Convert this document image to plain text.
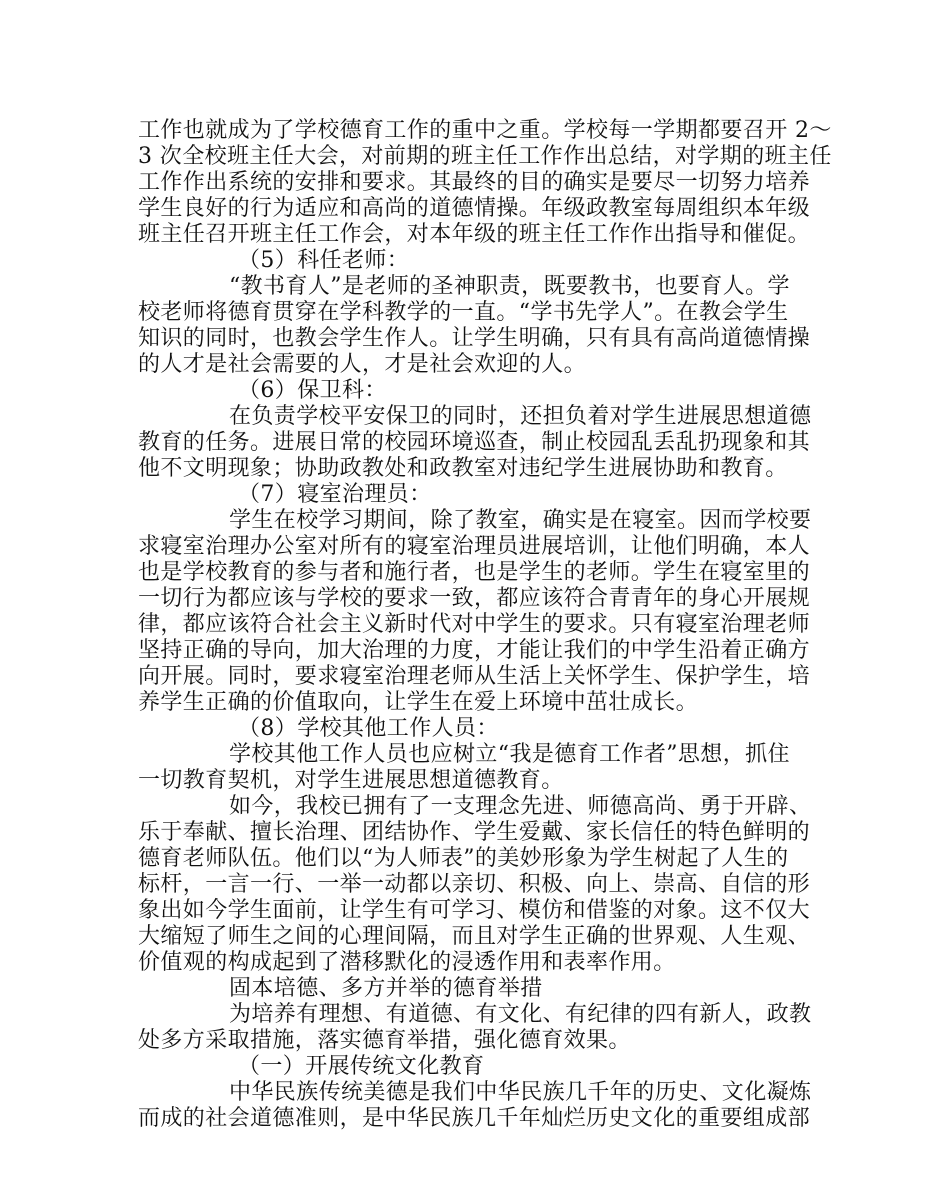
工作也就成为了学校德育工作的重中之重。学校每一学期都要召开 2～
3 次全校班主任大会，对前期的班主任工作作出总结，对学期的班主任
工作作出系统的安排和要求。其最终的目的确实是要尽一切努力培养
学生良好的行为适应和高尚的道德情操。年级政教室每周组织本年级
班主任召开班主任工作会，对本年级的班主任工作作出指导和催促。
（5）科任老师：
“教书育人”是老师的圣神职责，既要教书，也要育人。学
校老师将德育贯穿在学科教学的一直。“学书先学人”。在教会学生
知识的同时，也教会学生作人。让学生明确，只有具有高尚道德情操
的人才是社会需要的人，才是社会欢迎的人。
（6）保卫科：
在负责学校平安保卫的同时，还担负着对学生进展思想道德
教育的任务。进展日常的校园环境巡查，制止校园乱丢乱扔现象和其
他不文明现象；协助政教处和政教室对违纪学生进展协助和教育。
（7）寝室治理员：
学生在校学习期间，除了教室，确实是在寝室。因而学校要
求寝室治理办公室对所有的寝室治理员进展培训，让他们明确，本人
也是学校教育的参与者和施行者，也是学生的老师。学生在寝室里的
一切行为都应该与学校的要求一致，都应该符合青青年的身心开展规
律，都应该符合社会主义新时代对中学生的要求。只有寝室治理老师
坚持正确的导向，加大治理的力度，才能让我们的中学生沿着正确方
向开展。同时，要求寝室治理老师从生活上关怀学生、保护学生，培
养学生正确的价值取向，让学生在爱上环境中茁壮成长。
（8）学校其他工作人员：
学校其他工作人员也应树立“我是德育工作者”思想，抓住
一切教育契机，对学生进展思想道德教育。
如今，我校已拥有了一支理念先进、师德高尚、勇于开辟、
乐于奉献、擅长治理、团结协作、学生爱戴、家长信任的特色鲜明的
德育老师队伍。他们以“为人师表”的美妙形象为学生树起了人生的
标杆，一言一行、一举一动都以亲切、积极、向上、崇高、自信的形
象出如今学生面前，让学生有可学习、模仿和借鉴的对象。这不仅大
大缩短了师生之间的心理间隔，而且对学生正确的世界观、人生观、
价值观的构成起到了潜移默化的浸透作用和表率作用。
固本培德、多方并举的德育举措
为培养有理想、有道德、有文化、有纪律的四有新人，政教
处多方采取措施，落实德育举措，强化德育效果。
（一）开展传统文化教育
中华民族传统美德是我们中华民族几千年的历史、文化凝炼
而成的社会道德准则，是中华民族几千年灿烂历史文化的重要组成部
